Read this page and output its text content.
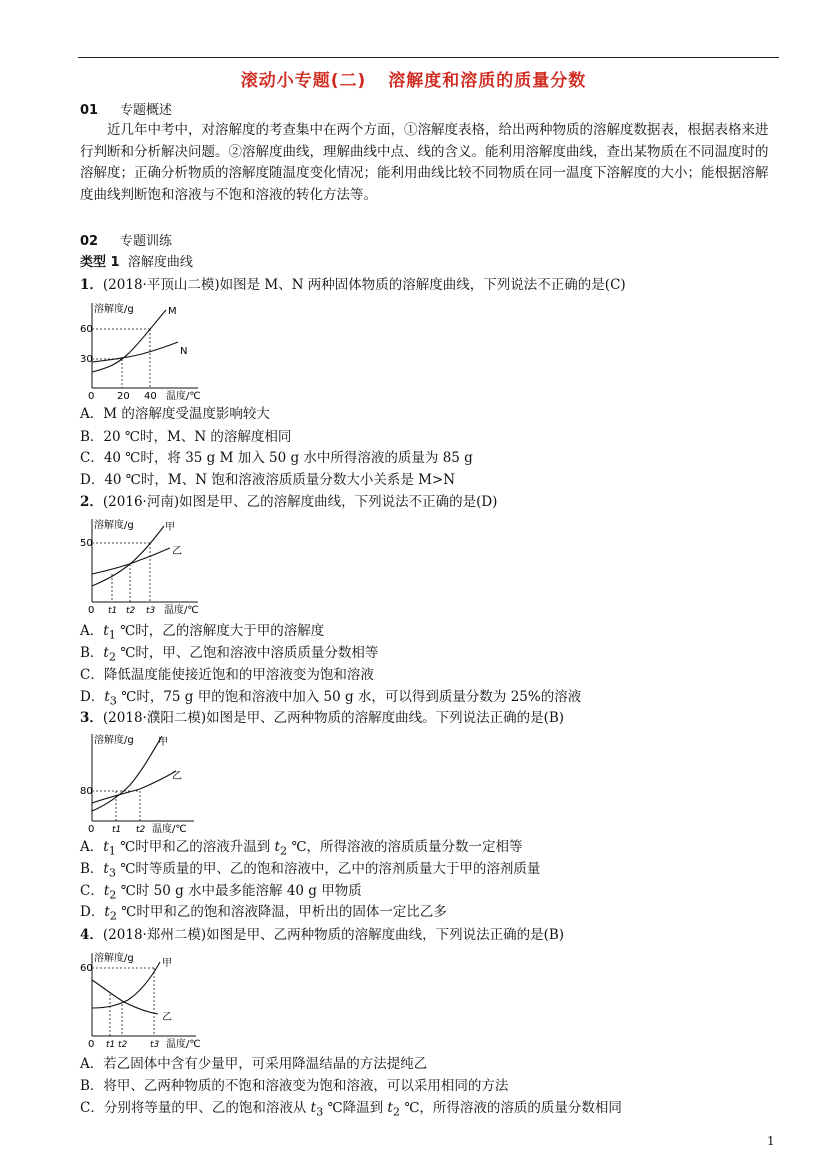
滚动小专题(二) 溶解度和溶质的质量分数
01 专题概述
近几年中考中，对溶解度的考查集中在两个方面，①溶解度表格，给出两种物质的溶解度数据表，根据表格来进行判断和分析解决问题。②溶解度曲线，理解曲线中点、线的含义。能利用溶解度曲线，查出某物质在不同温度时的溶解度；正确分析物质的溶解度随温度变化情况；能利用曲线比较不同物质在同一温度下溶解度的大小；能根据溶解度曲线判断饱和溶液与不饱和溶液的转化方法等。
02 专题训练
类型 1 溶解度曲线
1．(2018·平顶山二模)如图是 M、N 两种固体物质的溶解度曲线，下列说法不正确的是(C)
溶解度/g
60
30
M
N
0 20 40 温度/℃
A．M 的溶解度受温度影响较大
B．20 ℃时，M、N 的溶解度相同
C．40 ℃时，将 35 g M 加入 50 g 水中所得溶液的质量为 85 g
D．40 ℃时，M、N 饱和溶液溶质质量分数大小关系是 M>N
2．(2016·河南)如图是甲、乙的溶解度曲线，下列说法不正确的是(D)
溶解度/g
50
甲
乙
0 t1 t2 t3 温度/℃
A．$t_1$ ℃时，乙的溶解度大于甲的溶解度
B．$t_2$ ℃时，甲、乙饱和溶液中溶质质量分数相等
C．降低温度能使接近饱和的甲溶液变为饱和溶液
D．$t_3$ ℃时，75 g 甲的饱和溶液中加入 50 g 水，可以得到质量分数为 25%的溶液
3．(2018·濮阳二模)如图是甲、乙两种物质的溶解度曲线。下列说法正确的是(B)
溶解度/g
80
甲
乙
0 t1 t2 温度/℃
A．$t_1$ ℃时甲和乙的溶液升温到 $t_2$ ℃，所得溶液的溶质质量分数一定相等
B．$t_3$ ℃时等质量的甲、乙的饱和溶液中，乙中的溶剂质量大于甲的溶剂质量
C．$t_2$ ℃时 50 g 水中最多能溶解 40 g 甲物质
D．$t_2$ ℃时甲和乙的饱和溶液降温，甲析出的固体一定比乙多
4．(2018·郑州二模)如图是甲、乙两种物质的溶解度曲线，下列说法正确的是(B)
溶解度/g
60	甲
乙
0 t1 t2	t3 温度/℃
A．若乙固体中含有少量甲，可采用降温结晶的方法提纯乙
B．将甲、乙两种物质的不饱和溶液变为饱和溶液，可以采用相同的方法
C．分别将等量的甲、乙的饱和溶液从 $t_3$ ℃降温到 $t_2$ ℃，所得溶液的溶质的质量分数相同
1
